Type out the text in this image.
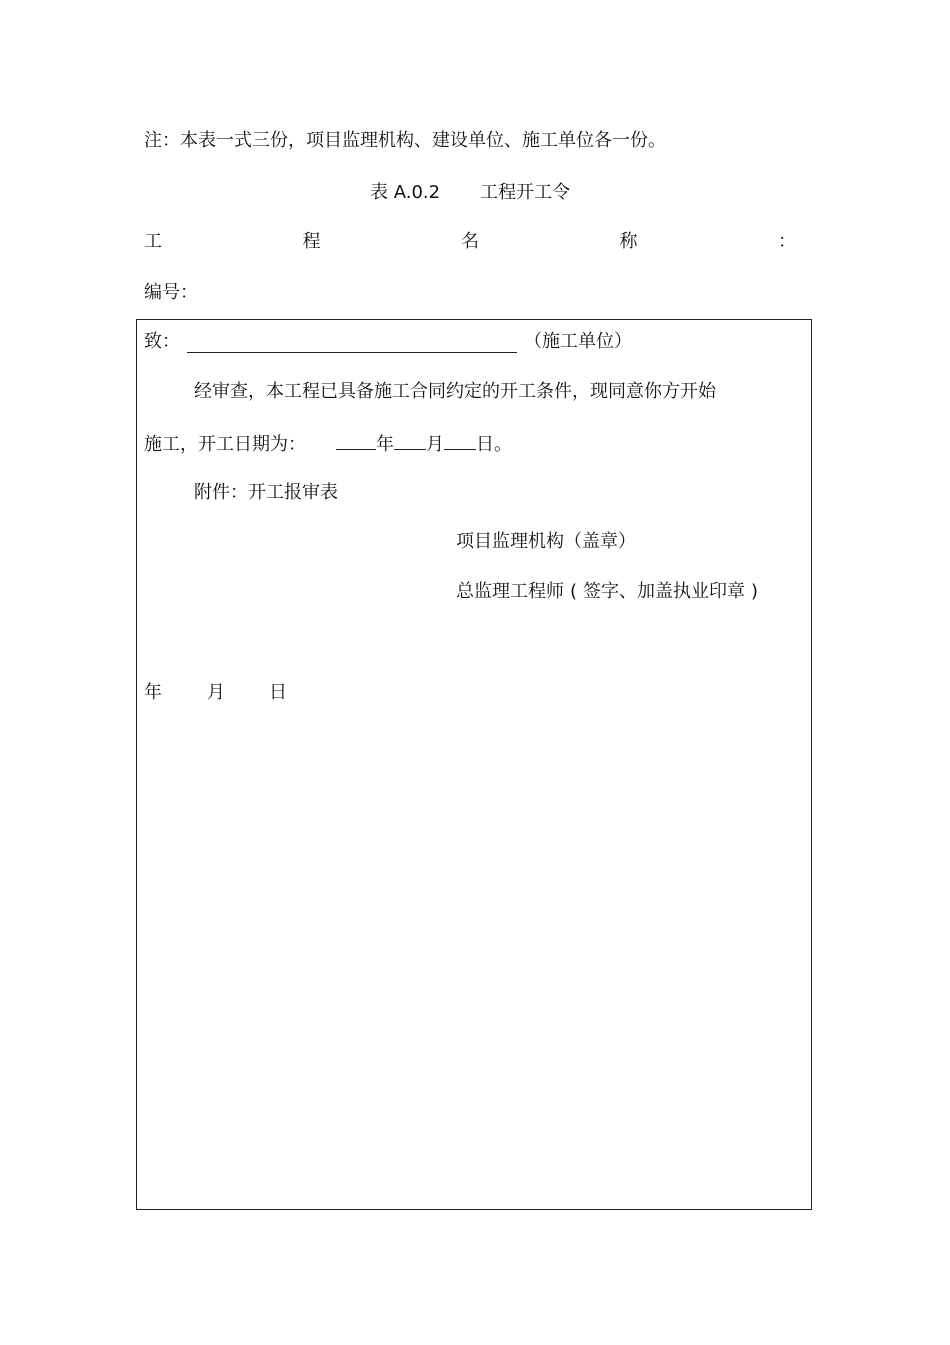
注：本表一式三份，项目监理机构、建设单位、施工单位各一份。
表 A.0.2 工程开工令
工	程	名	称	：
编号：
致：	（施工单位）
经审查，本工程已具备施工合同约定的开工条件，现同意你方开始
施工，开工日期为：	年 月 日。
附件：开工报审表
项目监理机构（盖章）
总监理工程师 ( 签字、加盖执业印章 )
年	月 日
